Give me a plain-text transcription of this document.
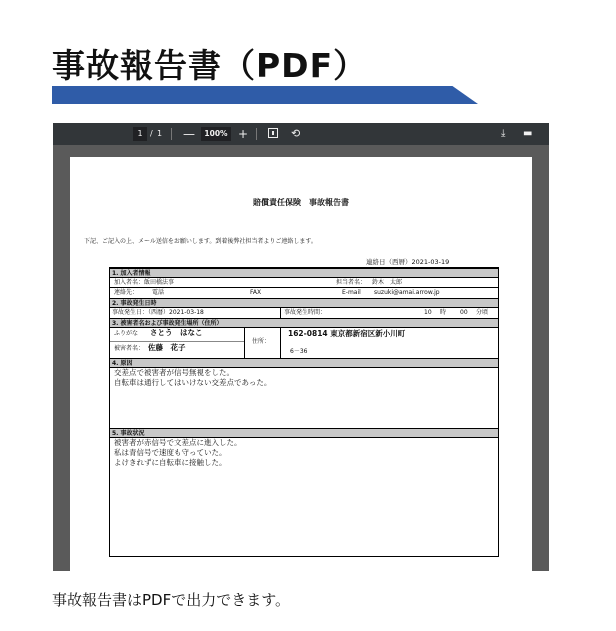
事故報告書（PDF）
1 / 1 —	100% +	⟲	⤓ ▬
賠償責任保険　事故報告書
下記、ご記入の上、メール送信をお願いします。到着後弊社担当者よりご連絡します。
連絡日（西暦）2021-03-19
1. 加入者情報
加入者名： 飯田橋法事	担当者名： 鈴木　太郎
連絡先： 電話	FAX	E-mail suzuki@amai.arrow.jp
2. 事故発生日時
事故発生日：（西暦）2021-03-18	事故発生時間：	10 時 00 分頃
3. 被害者名および事故発生場所（住所）
ふりがな さとう　はなこ
被害者名： 佐藤　花子
住所：
162-0814 東京都新宿区新小川町
6－36
4. 原因
交差点で被害者が信号無視をした。
自転車は通行してはいけない交差点であった。
5. 事故状況
被害者が赤信号で文差点に進入した。
私は青信号で速度も守っていた。
よけきれずに自転車に接触した。
事故報告書はPDFで出力できます。
